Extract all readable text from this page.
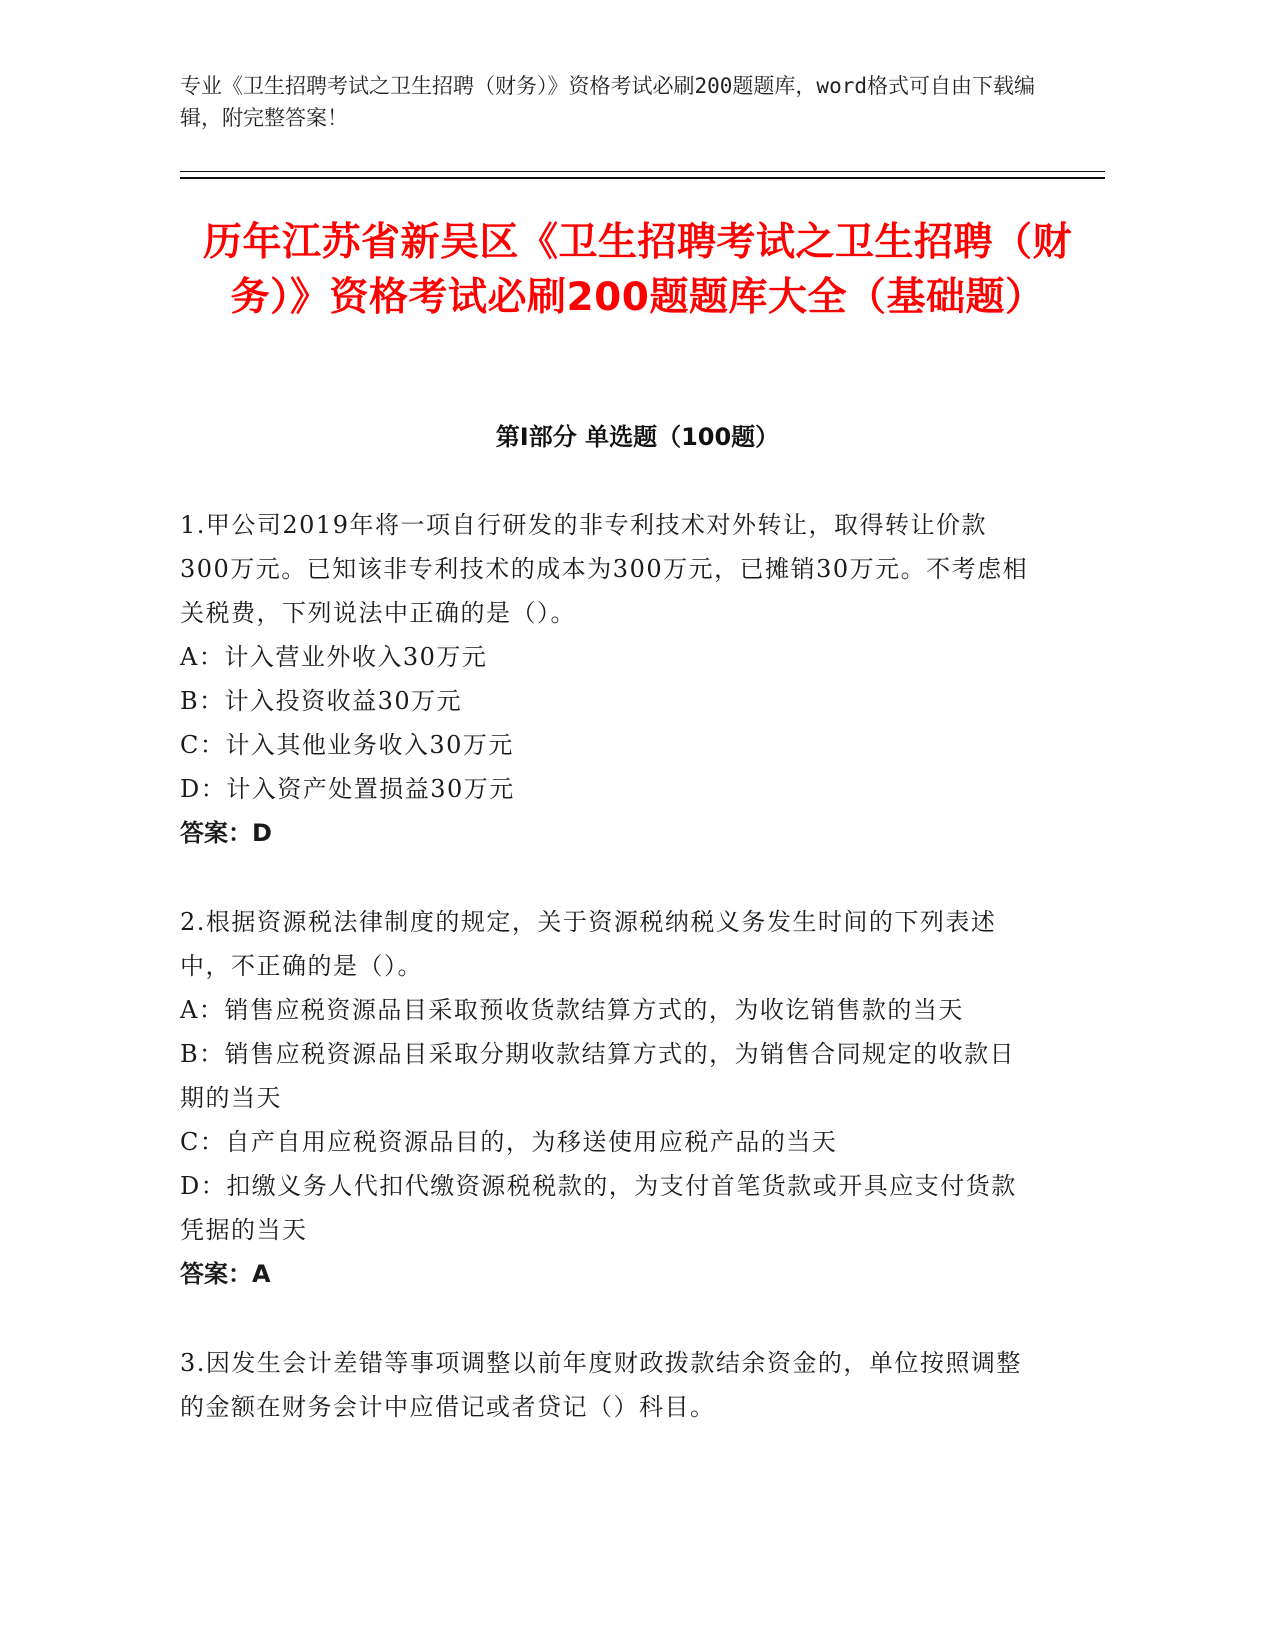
专业《卫生招聘考试之卫生招聘（财务）》资格考试必刷200题题库，word格式可自由下载编辑，附完整答案！
历年江苏省新吴区《卫生招聘考试之卫生招聘（财务）》资格考试必刷200题题库大全（基础题）
第I部分 单选题（100题）

1.甲公司2019年将一项自行研发的非专利技术对外转让，取得转让价款300万元。已知该非专利技术的成本为300万元，已摊销30万元。不考虑相关税费，下列说法中正确的是（）。

A：计入营业外收入30万元

B：计入投资收益30万元

C：计入其他业务收入30万元

D：计入资产处置损益30万元

答案：D

2.根据资源税法律制度的规定，关于资源税纳税义务发生时间的下列表述中，不正确的是（）。

A：销售应税资源品目采取预收货款结算方式的，为收讫销售款的当天

B：销售应税资源品目采取分期收款结算方式的，为销售合同规定的收款日期的当天

C：自产自用应税资源品目的，为移送使用应税产品的当天

D：扣缴义务人代扣代缴资源税税款的，为支付首笔货款或开具应支付货款凭据的当天

答案：A

3.因发生会计差错等事项调整以前年度财政拨款结余资金的，单位按照调整的金额在财务会计中应借记或者贷记（）科目。
